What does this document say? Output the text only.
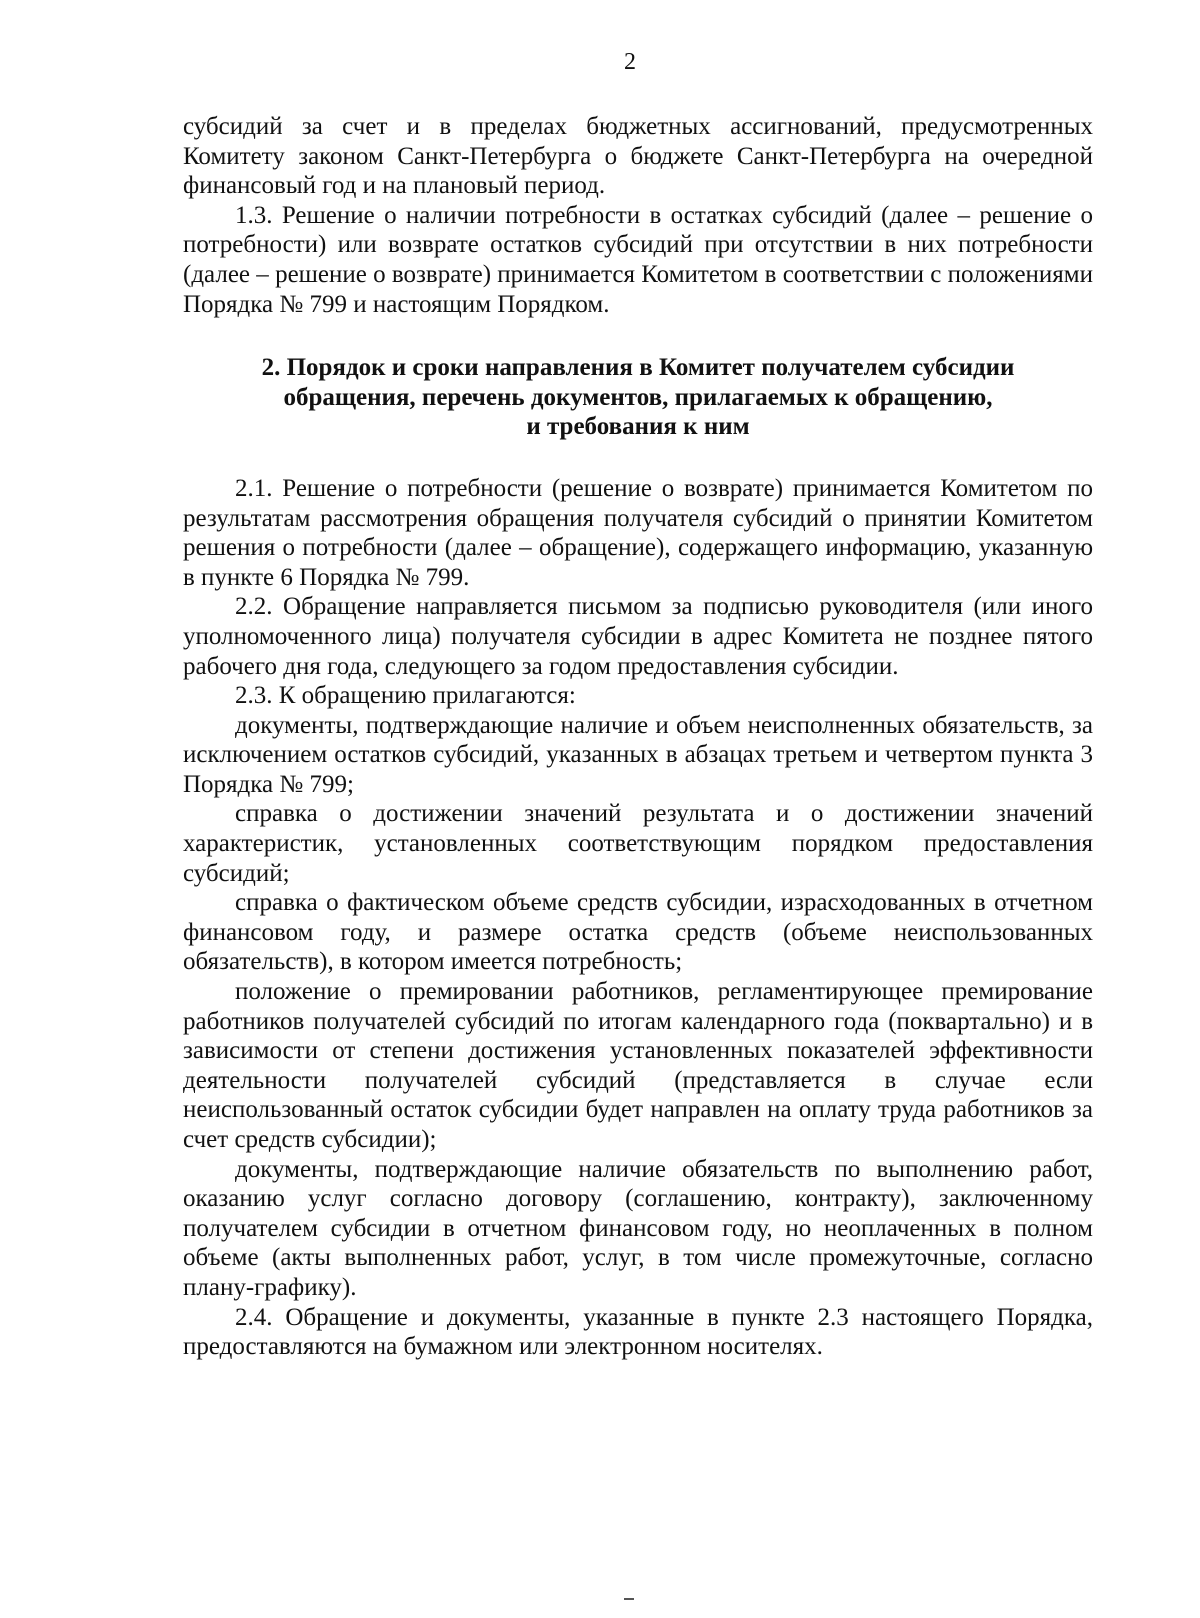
2

субсидий за счет и в пределах бюджетных ассигнований, предусмотренных Комитету законом Санкт-Петербурга о бюджете Санкт-Петербурга на очередной финансовый год и на плановый период.

1.3. Решение о наличии потребности в остатках субсидий (далее – решение о потребности) или возврате остатков субсидий при отсутствии в них потребности (далее – решение о возврате) принимается Комитетом в соответствии с положениями Порядка № 799 и настоящим Порядком.

2. Порядок и сроки направления в Комитет получателем субсидии
обращения, перечень документов, прилагаемых к обращению,
и требования к ним

2.1. Решение о потребности (решение о возврате) принимается Комитетом по результатам рассмотрения обращения получателя субсидий о принятии Комитетом решения о потребности (далее – обращение), содержащего информацию, указанную в пункте 6 Порядка № 799.

2.2. Обращение направляется письмом за подписью руководителя (или иного уполномоченного лица) получателя субсидии в адрес Комитета не позднее пятого рабочего дня года, следующего за годом предоставления субсидии.

2.3. К обращению прилагаются:

документы, подтверждающие наличие и объем неисполненных обязательств, за исключением остатков субсидий, указанных в абзацах третьем и четвертом пункта 3 Порядка № 799;

справка о достижении значений результата и о достижении значений характеристик, установленных соответствующим порядком предоставления субсидий;

справка о фактическом объеме средств субсидии, израсходованных в отчетном финансовом году, и размере остатка средств (объеме неиспользованных обязательств), в котором имеется потребность;

положение о премировании работников, регламентирующее премирование работников получателей субсидий по итогам календарного года (поквартально) и в зависимости от степени достижения установленных показателей эффективности деятельности получателей субсидий (представляется в случае если неиспользованный остаток субсидии будет направлен на оплату труда работников за счет средств субсидии);

документы, подтверждающие наличие обязательств по выполнению работ, оказанию услуг согласно договору (соглашению, контракту), заключенному получателем субсидии в отчетном финансовом году, но неоплаченных в полном объеме (акты выполненных работ, услуг, в том числе промежуточные, согласно плану-графику).

2.4. Обращение и документы, указанные в пункте 2.3 настоящего Порядка, предоставляются на бумажном или электронном носителях.
